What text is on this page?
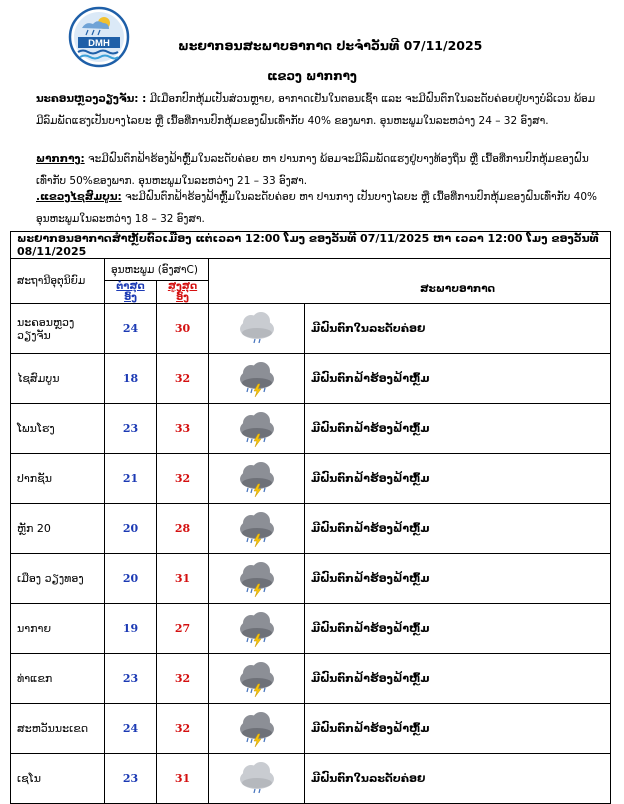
DMH	ພະຍາກອນສະພາບອາກາດ ປະຈໍາວັນທີ 07/11/2025
ແຂວງ ພາກກາງ
ນະຄອນຫຼວງວຽງຈັນ: : ມີເມືອກປົກຫຸ້ມເປັນສ່ວນຫຼາຍ, ອາກາດເຢັນໃນຕອນເຊົ້າ ແລະ ຈະມີຝົນຕົກໃນລະດັບຄ່ອຍຢູ່ບາງບໍລິເວນ ພ້ອມມີລົມພັດແຮງເປັນບາງໄລຍະ ຫຼື ເນື້ອທີ່ການປົກຫຸ້ມຂອງຝົນເທົ່າກັບ 40% ຂອງພາກ. ອຸນຫະພູມໃນລະຫວ່າງ 24 – 32 ອົງສາ.
ພາກກາງ: ຈະມີຝົນຕົກຟ້າຮ້ອງຟ້າຫຼົ້ມໃນລະດັບຄ່ອຍ ຫາ ປານກາງ ພ້ອມຈະມີລົມພັດແຮງຢູ່ບາງທ້ອງຖິ່ນ ຫຼື ເນື້ອທີ່ການປົກຫຸ້ມຂອງຝົນເທົ່າກັບ 50%ຂອງພາກ. ອຸນຫະພູມໃນລະຫວ່າງ 21 – 33 ອົງສາ.
.ແຂວງໄຊສົມບູນ: ຈະມີຝົນຕົກຟ້າຮ້ອງຟ້າຫຼົ້ມໃນລະດັບຄ່ອຍ ຫາ ປານກາງ ເປັນບາງໄລຍະ ຫຼື ເນື້ອທີ່ການປົກຫຸ້ມຂອງຝົນເທົ່າກັບ 40% ອຸນຫະພູມໃນລະຫວ່າງ 18 – 32 ອົງສາ.
ພະຍາກອນອາກາດສໍາຫຼັບຕົວເມືອງ ແຕ່ເວລາ 12:00 ໂມງ ຂອງວັນທີ 07/11/2025 ຫາ ເວລາ 12:00 ໂມງ ຂອງວັນທີ 08/11/2025				
ສະຖານີອຸຕຸນິຍົມ	ອຸນຫະພູມ (ອົງສາC)		ສະພາບອາກາດ	

	ຕໍ່າສຸດອົງ	ສູງສຸດອົງ		
ນະຄອນຫຼວງວຽງຈັນ	24	30		ມີຝົນຕົກໃນລະດັບຄ່ອຍ
ໄຊສົມບູນ	18	32		ມີຝົນຕົກຟ້າຮ້ອງຟ້າຫຼົ້ມ
ໂພນໂຮງ	23	33		ມີຝົນຕົກຟ້າຮ້ອງຟ້າຫຼົ້ມ
ປາກຊັນ	21	32		ມີຝົນຕົກຟ້າຮ້ອງຟ້າຫຼົ້ມ
ຫຼັກ 20	20	28		ມີຝົນຕົກຟ້າຮ້ອງຟ້າຫຼົ້ມ
ເມືອງ ວຽງທອງ	20	31		ມີຝົນຕົກຟ້າຮ້ອງຟ້າຫຼົ້ມ
ນາກາຍ	19	27		ມີຝົນຕົກຟ້າຮ້ອງຟ້າຫຼົ້ມ
ທ່າແຂກ	23	32		ມີຝົນຕົກຟ້າຮ້ອງຟ້າຫຼົ້ມ
ສະຫວັນນະເຂດ	24	32		ມີຝົນຕົກຟ້າຮ້ອງຟ້າຫຼົ້ມ
ເຊໂນ	23	31		ມີຝົນຕົກໃນລະດັບຄ່ອຍ
